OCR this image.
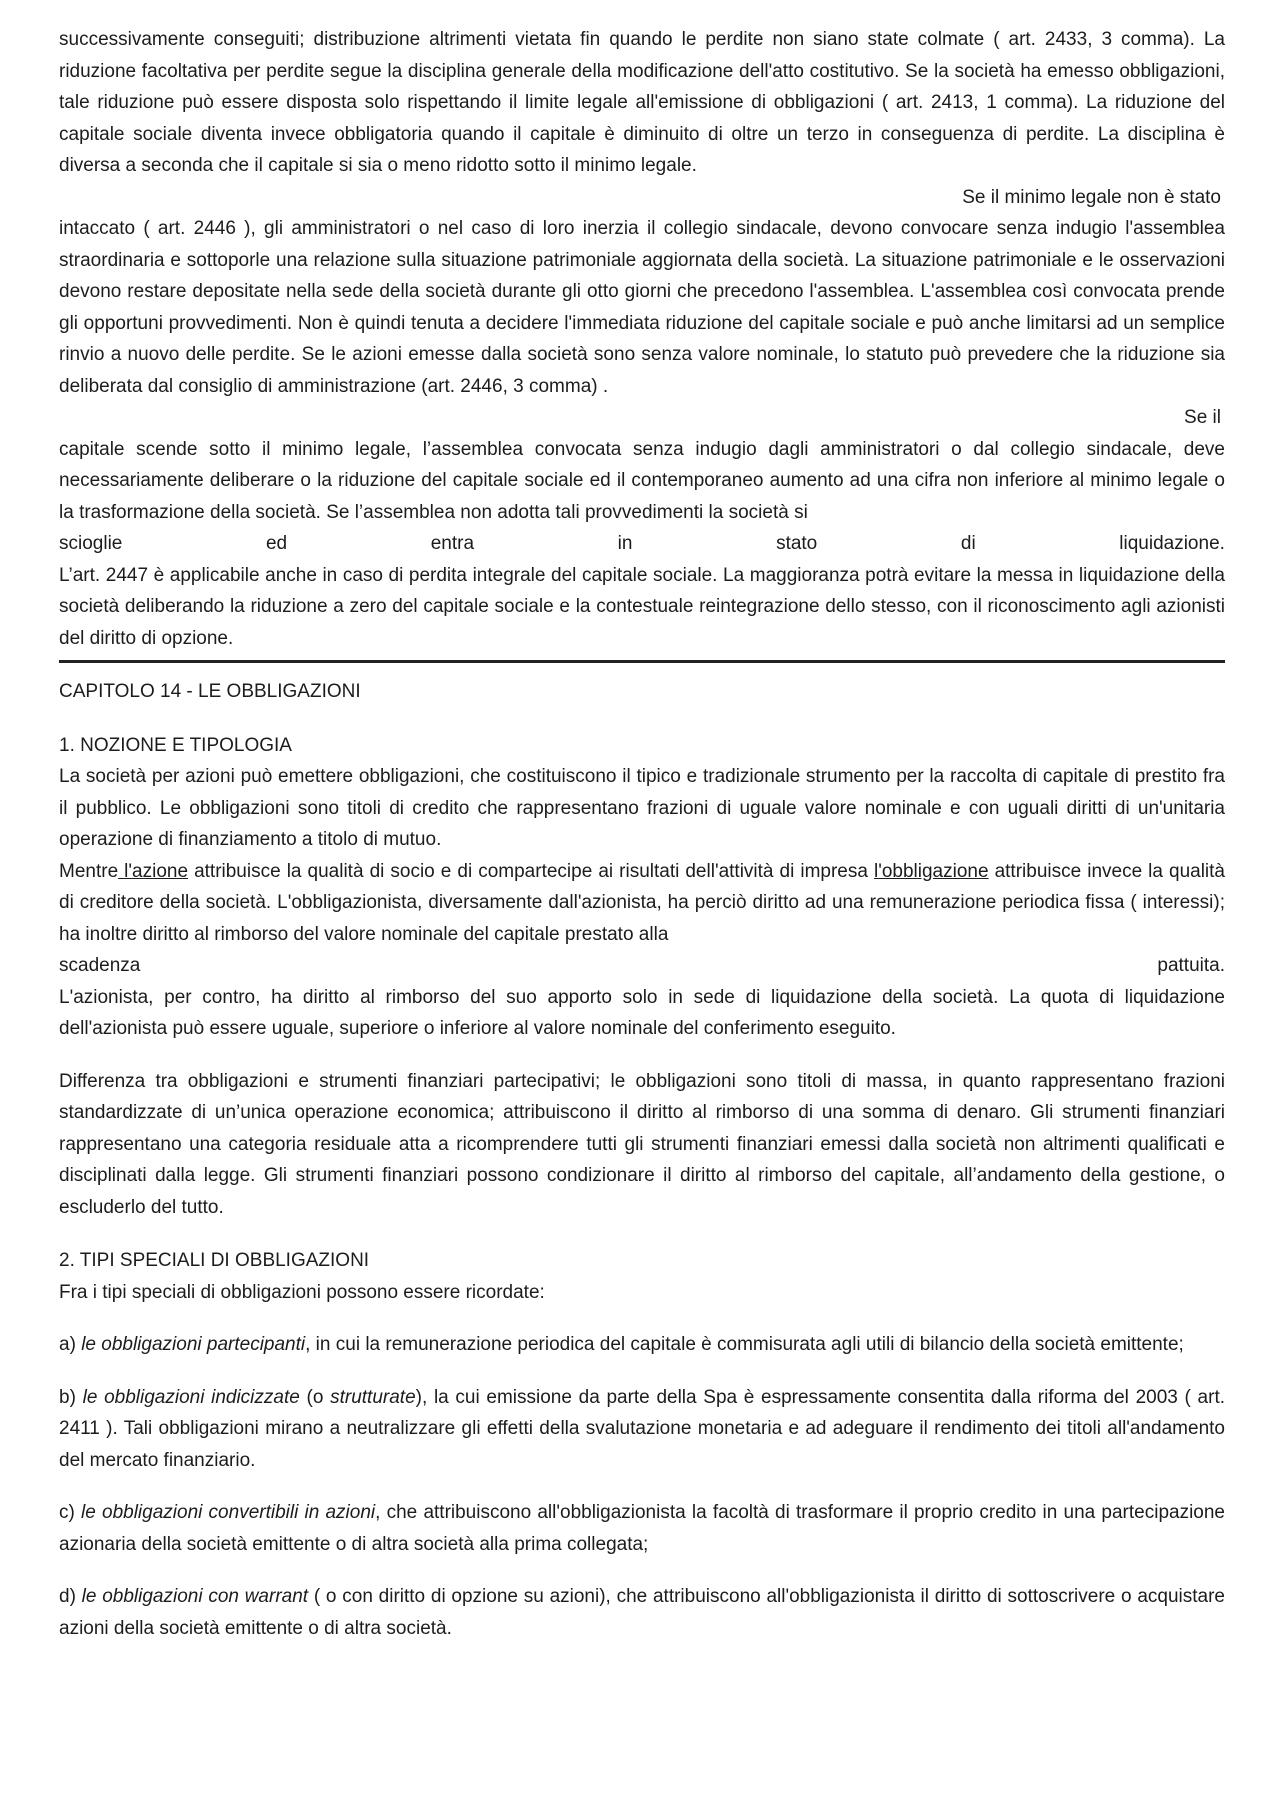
successivamente conseguiti; distribuzione altrimenti vietata fin quando le perdite non siano state colmate ( art. 2433, 3 comma). La riduzione facoltativa per perdite segue la disciplina generale della modificazione dell'atto costitutivo. Se la società ha emesso obbligazioni, tale riduzione può essere disposta solo rispettando il limite legale all'emissione di obbligazioni ( art. 2413, 1 comma). La riduzione del capitale sociale diventa invece obbligatoria quando il capitale è diminuito di oltre un terzo in conseguenza di perdite. La disciplina è diversa a seconda che il capitale si sia o meno ridotto sotto il minimo legale.
Se il minimo legale non è stato
intaccato ( art. 2446 ), gli amministratori o nel caso di loro inerzia il collegio sindacale, devono convocare senza indugio l'assemblea straordinaria e sottoporle una relazione sulla situazione patrimoniale aggiornata della società. La situazione patrimoniale e le osservazioni devono restare depositate nella sede della società durante gli otto giorni che precedono l'assemblea. L'assemblea così convocata prende gli opportuni provvedimenti. Non è quindi tenuta a decidere l'immediata riduzione del capitale sociale e può anche limitarsi ad un semplice rinvio a nuovo delle perdite. Se le azioni emesse dalla società sono senza valore nominale, lo statuto può prevedere che la riduzione sia deliberata dal consiglio di amministrazione (art. 2446, 3 comma) .
Se il
capitale scende sotto il minimo legale, l’assemblea convocata senza indugio dagli amministratori o dal collegio sindacale, deve necessariamente deliberare o la riduzione del capitale sociale ed il contemporaneo aumento ad una cifra non inferiore al minimo legale o la trasformazione della società. Se l’assemblea non adotta tali provvedimenti la società si
scioglie	ed	entra	in	stato	di	liquidazione.
L’art. 2447 è applicabile anche in caso di perdita integrale del capitale sociale. La maggioranza potrà evitare la messa in liquidazione della società deliberando la riduzione a zero del capitale sociale e la contestuale reintegrazione dello stesso, con il riconoscimento agli azionisti del diritto di opzione.

CAPITOLO 14 - LE OBBLIGAZIONI

1. NOZIONE E TIPOLOGIA

La società per azioni può emettere obbligazioni, che costituiscono il tipico e tradizionale strumento per la raccolta di capitale di prestito fra il pubblico. Le obbligazioni sono titoli di credito che rappresentano frazioni di uguale valore nominale e con uguali diritti di un'unitaria operazione di finanziamento a titolo di mutuo.
Mentre l'azione attribuisce la qualità di socio e di compartecipe ai risultati dell'attività di impresa l'obbligazione attribuisce invece la qualità di creditore della società. L'obbligazionista, diversamente dall'azionista, ha perciò diritto ad una remunerazione periodica fissa ( interessi); ha inoltre diritto al rimborso del valore nominale del capitale prestato alla
scadenza	pattuita.
L'azionista, per contro, ha diritto al rimborso del suo apporto solo in sede di liquidazione della società. La quota di liquidazione dell'azionista può essere uguale, superiore o inferiore al valore nominale del conferimento eseguito.

Differenza tra obbligazioni e strumenti finanziari partecipativi; le obbligazioni sono titoli di massa, in quanto rappresentano frazioni standardizzate di un’unica operazione economica; attribuiscono il diritto al rimborso di una somma di denaro. Gli strumenti finanziari rappresentano una categoria residuale atta a ricomprendere tutti gli strumenti finanziari emessi dalla società non altrimenti qualificati e disciplinati dalla legge. Gli strumenti finanziari possono condizionare il diritto al rimborso del capitale, all’andamento della gestione, o escluderlo del tutto.

2. TIPI SPECIALI DI OBBLIGAZIONI

Fra i tipi speciali di obbligazioni possono essere ricordate:

a) le obbligazioni partecipanti, in cui la remunerazione periodica del capitale è commisurata agli utili di bilancio della società emittente;

b) le obbligazioni indicizzate (o strutturate), la cui emissione da parte della Spa è espressamente consentita dalla riforma del 2003 ( art. 2411 ). Tali obbligazioni mirano a neutralizzare gli effetti della svalutazione monetaria e ad adeguare il rendimento dei titoli all'andamento del mercato finanziario.

c) le obbligazioni convertibili in azioni, che attribuiscono all'obbligazionista la facoltà di trasformare il proprio credito in una partecipazione azionaria della società emittente o di altra società alla prima collegata;

d) le obbligazioni con warrant ( o con diritto di opzione su azioni), che attribuiscono all'obbligazionista il diritto di sottoscrivere o acquistare azioni della società emittente o di altra società.
